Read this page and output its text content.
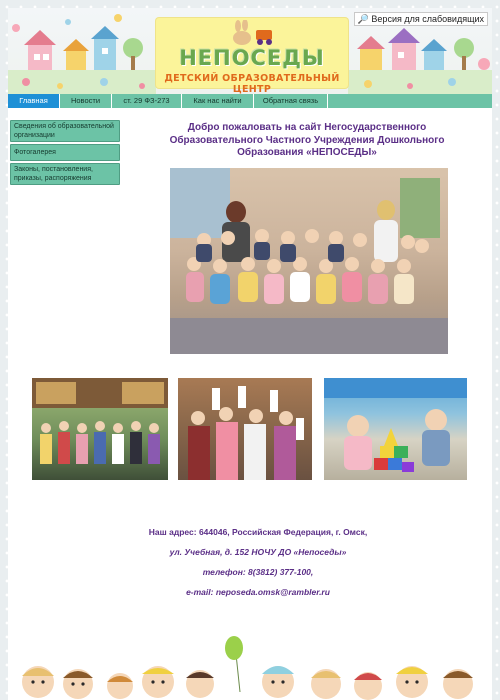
НЕПОСЕДЫ
ДЕТСКИЙ ОБРАЗОВАТЕЛЬНЫЙ ЦЕНТР
🔎 Версия для слабовидящих
Главная	Новости	ст. 29 ФЗ-273	Как нас найти	Обратная связь
Сведения об образовательной организации
Фотогалерея
Законы, постановления, приказы, распоряжения
Добро пожаловать на сайт Негосударственного Образовательного Частного Учреждения Дошкольного Образования «НЕПОСЕДЫ»
Наш адрес: 644046, Российская Федерация, г. Омск,
ул. Учебная, д. 152 НОЧУ ДО «Непоседы»
телефон: 8(3812) 377-100,
e-mail: neposeda.omsk@rambler.ru
